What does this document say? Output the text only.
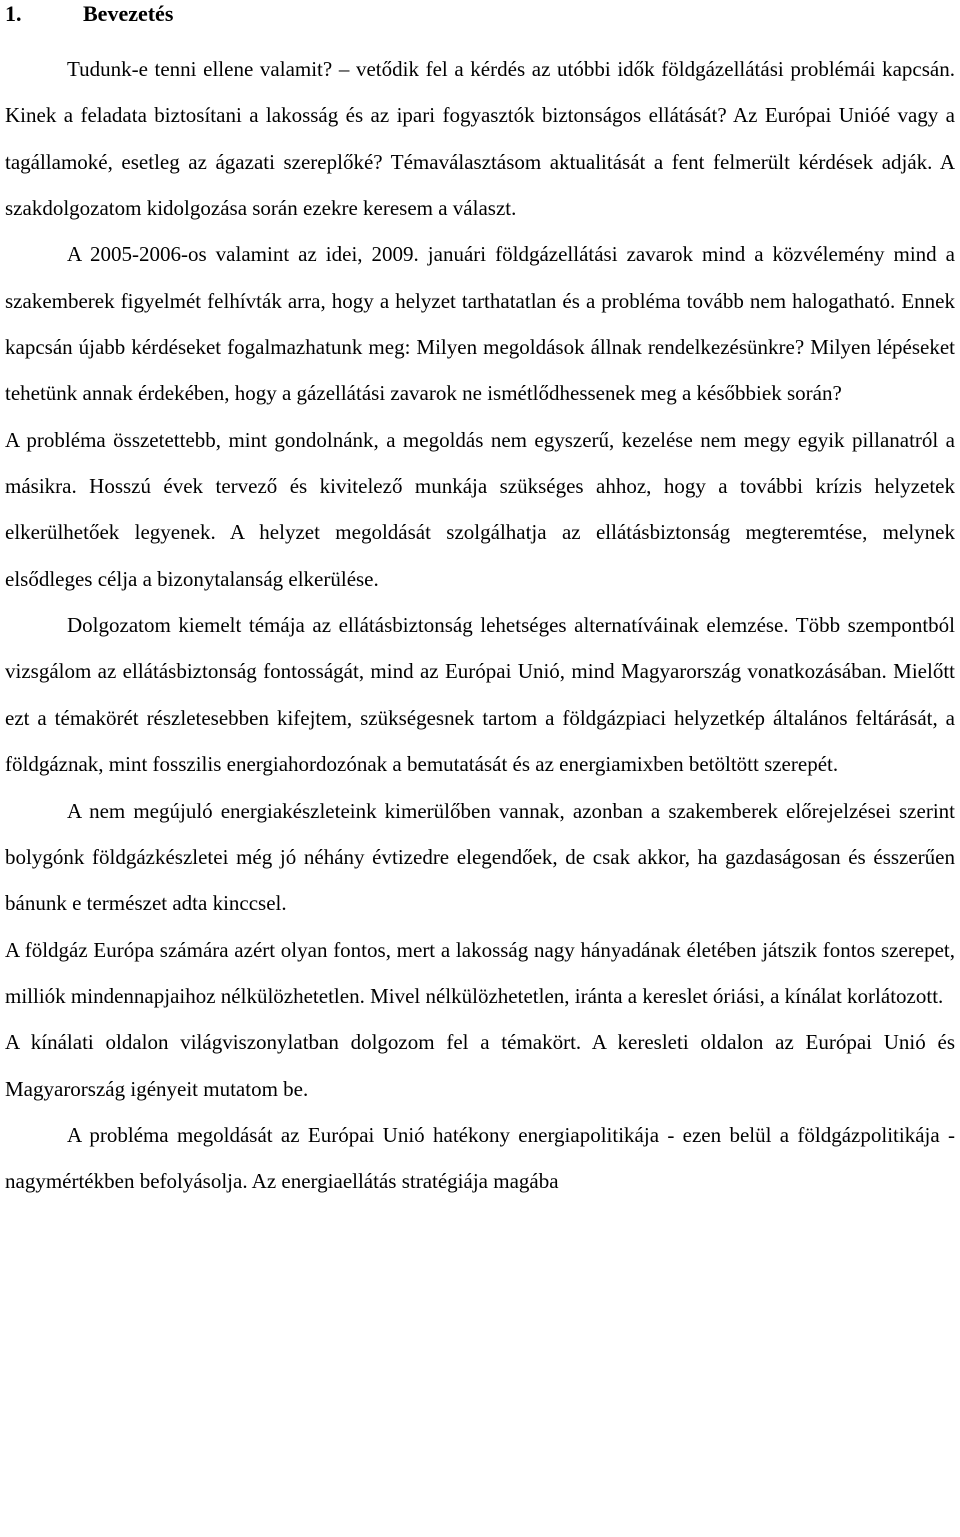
1.	Bevezetés

Tudunk-e tenni ellene valamit? – vetődik fel a kérdés az utóbbi idők földgázellátási problémái kapcsán. Kinek a feladata biztosítani a lakosság és az ipari fogyasztók biztonságos ellátását? Az Európai Unióé vagy a tagállamoké, esetleg az ágazati szereplőké? Témaválasztásom aktualitását a fent felmerült kérdések adják. A szakdolgozatom kidolgozása során ezekre keresem a választ.

A 2005-2006-os valamint az idei, 2009. januári földgázellátási zavarok mind a közvélemény mind a szakemberek figyelmét felhívták arra, hogy a helyzet tarthatatlan és a probléma tovább nem halogatható. Ennek kapcsán újabb kérdéseket fogalmazhatunk meg: Milyen megoldások állnak rendelkezésünkre? Milyen lépéseket tehetünk annak érdekében, hogy a gázellátási zavarok ne ismétlődhessenek meg a későbbiek során?

A probléma összetettebb, mint gondolnánk, a megoldás nem egyszerű, kezelése nem megy egyik pillanatról a másikra. Hosszú évek tervező és kivitelező munkája szükséges ahhoz, hogy a további krízis helyzetek elkerülhetőek legyenek. A helyzet megoldását szolgálhatja az ellátásbiztonság megteremtése, melynek elsődleges célja a bizonytalanság elkerülése.

Dolgozatom kiemelt témája az ellátásbiztonság lehetséges alternatíváinak elemzése. Több szempontból vizsgálom az ellátásbiztonság fontosságát, mind az Európai Unió, mind Magyarország vonatkozásában. Mielőtt ezt a témakörét részletesebben kifejtem, szükségesnek tartom a földgázpiaci helyzetkép általános feltárását, a földgáznak, mint fosszilis energiahordozónak a bemutatását és az energiamixben betöltött szerepét.

A nem megújuló energiakészleteink kimerülőben vannak, azonban a szakemberek előrejelzései szerint bolygónk földgázkészletei még jó néhány évtizedre elegendőek, de csak akkor, ha gazdaságosan és ésszerűen bánunk e természet adta kinccsel.

A földgáz Európa számára azért olyan fontos, mert a lakosság nagy hányadának életében játszik fontos szerepet, milliók mindennapjaihoz nélkülözhetetlen. Mivel nélkülözhetetlen, iránta a kereslet óriási, a kínálat korlátozott.

A kínálati oldalon világviszonylatban dolgozom fel a témakört. A keresleti oldalon az Európai Unió és Magyarország igényeit mutatom be.

A probléma megoldását az Európai Unió hatékony energiapolitikája - ezen belül a földgázpolitikája - nagymértékben befolyásolja. Az energiaellátás stratégiája magába
